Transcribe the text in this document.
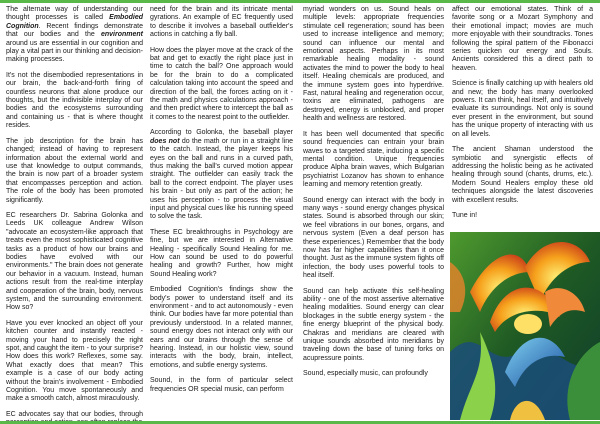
The alternate way of understanding our thought processes is called Embodied Cognition. Recent findings demonstrate that our bodies and the environment around us are essential in our cognition and play a vital part in our thinking and decision-making processes.

It's not the disembodied representations in our brain, the back-and-forth firing of countless neurons that alone produce our thoughts, but the indivisible interplay of our bodies and the ecosystems surrounding and containing us - that is where thought resides.

The job description for the brain has changed; instead of having to represent information about the external world and use that knowledge to output commands, the brain is now part of a broader system that encompasses perception and action. The role of the body has been promoted significantly.

EC researchers Dr. Sabrina Golonka and Leeds UK colleague Andrew Wilson "advocate an ecosystem-like approach that treats even the most sophisticated cognitive tasks as a product of how our brains and bodies have evolved with our environments." The brain does not generate our behavior in a vacuum. Instead, human actions result from the real-time interplay and cooperation of the brain, body, nervous system, and the surrounding environment. How so?

Have you ever knocked an object off your kitchen counter and instantly reacted - moving your hand to precisely the right spot, and caught the item - to your surprise? How does this work? Reflexes, some say. What exactly does that mean? This example is a case of our body acting without the brain's involvement - Embodied Cognition. You move spontaneously and make a smooth catch, almost miraculously.

EC advocates say that our bodies, through

need for the brain and its intricate mental gyrations. An example of EC frequently used to describe it involves a baseball outfielder's actions in catching a fly ball.

How does the player move at the crack of the bat and get to exactly the right place just in time to catch the ball? One approach would be for the brain to do a complicated calculation taking into account the speed and direction of the ball, the forces acting on it - the math and physics calculations approach - and then predict where to intercept the ball as it comes to the nearest point to the outfielder.

According to Golonka, the baseball player does not do the math or run in a straight line to the catch. Instead, the player keeps his eyes on the ball and runs in a curved path, thus making the ball's curved motion appear straight. The outfielder can easily track the ball to the correct endpoint. The player uses his brain - but only as part of the action; he uses his perception - to process the visual input and physical cues like his running speed to solve the task.

These EC breakthroughs in Psychology are fine, but we are interested in Alternative Healing - specifically Sound Healing for me. How can sound be used to do powerful healing and growth? Further, how might Sound Healing work?

Embodied Cognition's findings show the body's power to understand itself and its environment - and to act autonomously - even think. Our bodies have far more potential than previously understood. In a related manner, sound energy does not interact only with our ears and our brains through the sense of hearing. Instead, in our holistic view, sound interacts with the body, brain, intellect, emotions, and subtle energy systems.

Sound, in the form of particular select frequencies OR special music, can perform

myriad wonders on us. Sound heals on multiple levels: appropriate frequencies stimulate cell regeneration; sound has been used to increase intelligence and memory; sound can influence our mental and emotional aspects. Perhaps in its most remarkable healing modality - sound activates the mind to power the body to heal itself. Healing chemicals are produced, and the immune system goes into hyperdrive. Fast, natural healing and regeneration occur, toxins are eliminated, pathogens are destroyed, energy is unblocked, and proper health and wellness are restored.

It has been well documented that specific sound frequencies can entrain your brain waves to a targeted state, inducing a specific mental condition. Unique frequencies produce Alpha brain waves, which Bulgarian psychiatrist Lozanov has shown to enhance learning and memory retention greatly.

Sound energy can interact with the body in many ways - sound energy changes physical states. Sound is absorbed through our skin; we feel vibrations in our bones, organs, and nervous system (Even a deaf person has these experiences.) Remember that the body now has far higher capabilities than it once thought. Just as the immune system fights off infection, the body uses powerful tools to heal itself.

Sound can help activate this self-healing ability - one of the most assertive alternative healing modalities. Sound energy can clear blockages in the subtle energy system - the fine energy blueprint of the physical body. Chakras and meridians are cleared with unique sounds absorbed into meridians by traveling down the base of tuning forks on acupressure points.

Sound, especially music, can profoundly

affect our emotional states. Think of a favorite song or a Mozart Symphony and their emotional impact; movies are much more enjoyable with their soundtracks. Tones following the spiral pattern of the Fibonacci series quicken our energy and Souls. Ancients considered this a direct path to heaven.

Science is finally catching up with healers old and new; the body has many overlooked powers. It can think, heal itself, and intuitively evaluate its surroundings. Not only is sound ever present in the environment, but sound has the unique property of interacting with us on all levels.

The ancient Shaman understood the symbiotic and synergistic effects of addressing the holistic being as he activated healing through sound (chants, drums, etc.). Modern Sound Healers employ these old techniques alongside the latest discoveries with excellent results.

Tune in!
